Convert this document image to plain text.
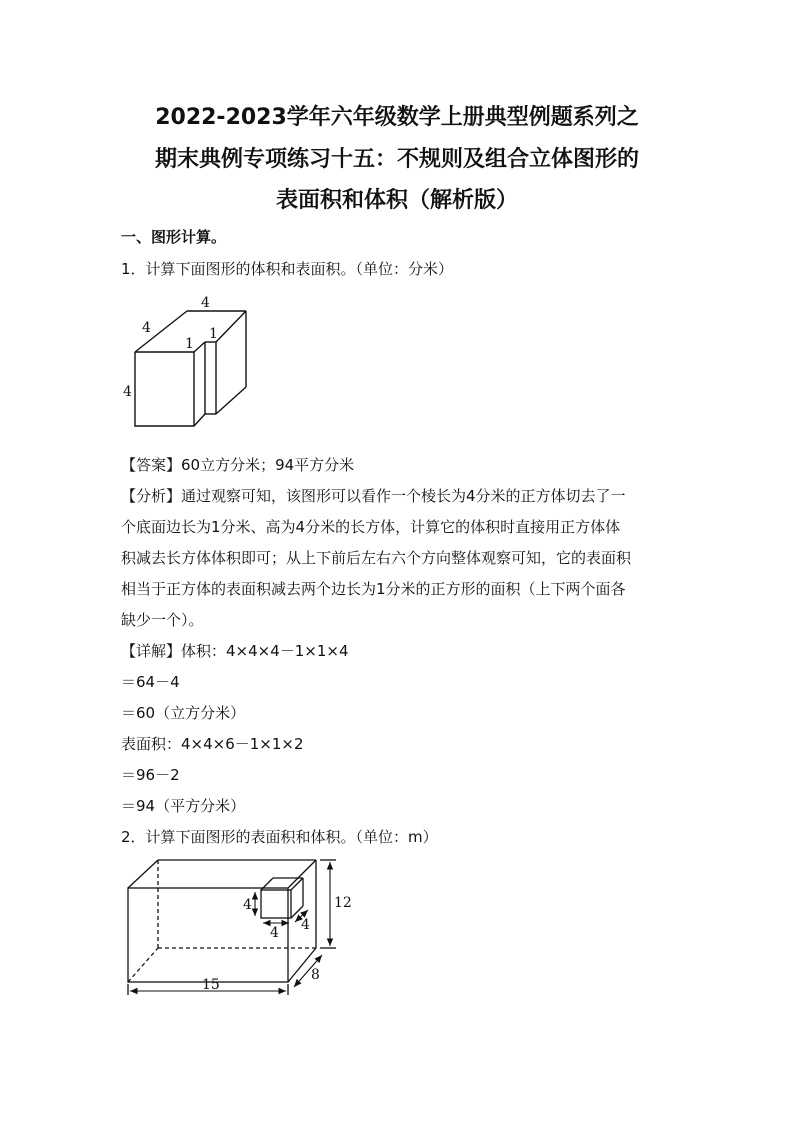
2022-2023学年六年级数学上册典型例题系列之
期末典例专项练习十五：不规则及组合立体图形的
表面积和体积（解析版）
一、图形计算。
1．计算下面图形的体积和表面积。（单位：分米）
4
4
1
1
4
【答案】60立方分米；94平方分米
【分析】通过观察可知，该图形可以看作一个棱长为4分米的正方体切去了一
个底面边长为1分米、高为4分米的长方体，计算它的体积时直接用正方体体
积减去长方体体积即可；从上下前后左右六个方向整体观察可知，它的表面积
相当于正方体的表面积减去两个边长为1分米的正方形的面积（上下两个面各
缺少一个）。
【详解】体积：4×4×4－1×1×4
＝64－4
＝60（立方分米）
表面积：4×4×6－1×1×2
＝96－2
＝94（平方分米）
2．计算下面图形的表面积和体积。（单位：m）
4
4 4
12
8
15
